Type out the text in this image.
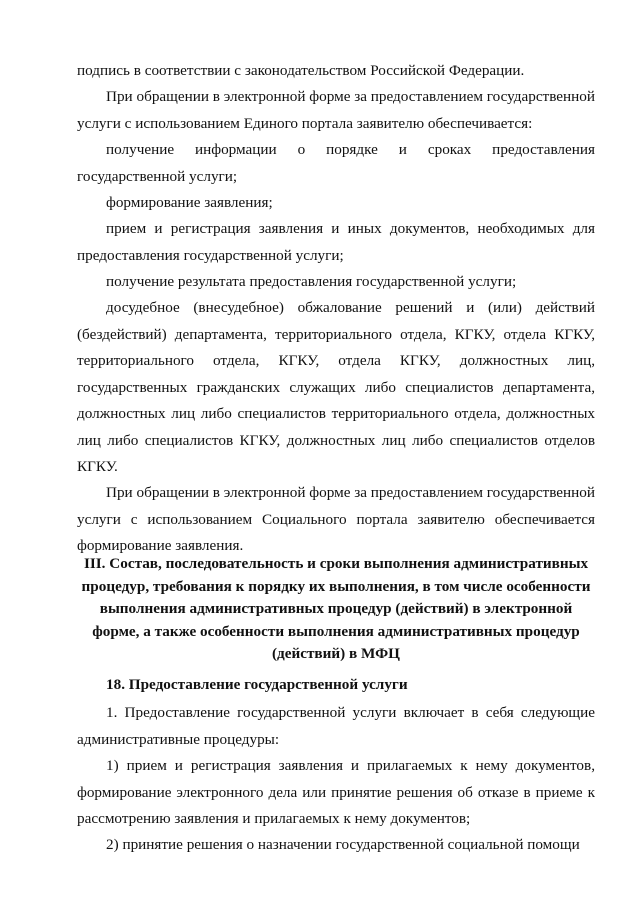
подпись в соответствии с законодательством Российской Федерации.

При обращении в электронной форме за предоставлением государственной услуги с использованием Единого портала заявителю обеспечивается:

получение информации о порядке и сроках предоставления государственной услуги;

формирование заявления;

прием и регистрация заявления и иных документов, необходимых для предоставления государственной услуги;

получение результата предоставления государственной услуги;

досудебное (внесудебное) обжалование решений и (или) действий (бездействий) департамента, территориального отдела, КГКУ, отдела КГКУ, территориального отдела, КГКУ, отдела КГКУ, должностных лиц, государственных гражданских служащих либо специалистов департамента, должностных лиц либо специалистов территориального отдела, должностных лиц либо специалистов КГКУ, должностных лиц либо специалистов отделов КГКУ.

При обращении в электронной форме за предоставлением государственной услуги с использованием Социального портала заявителю обеспечивается формирование заявления.

III. Состав, последовательность и сроки выполнения административных процедур, требования к порядку их выполнения, в том числе особенности выполнения административных процедур (действий) в электронной форме, а также особенности выполнения административных процедур (действий) в МФЦ

18. Предоставление государственной услуги

1. Предоставление государственной услуги включает в себя следующие административные процедуры:

1) прием и регистрация заявления и прилагаемых к нему документов, формирование электронного дела или принятие решения об отказе в приеме к рассмотрению заявления и прилагаемых к нему документов;

2) принятие решения о назначении государственной социальной помощи
